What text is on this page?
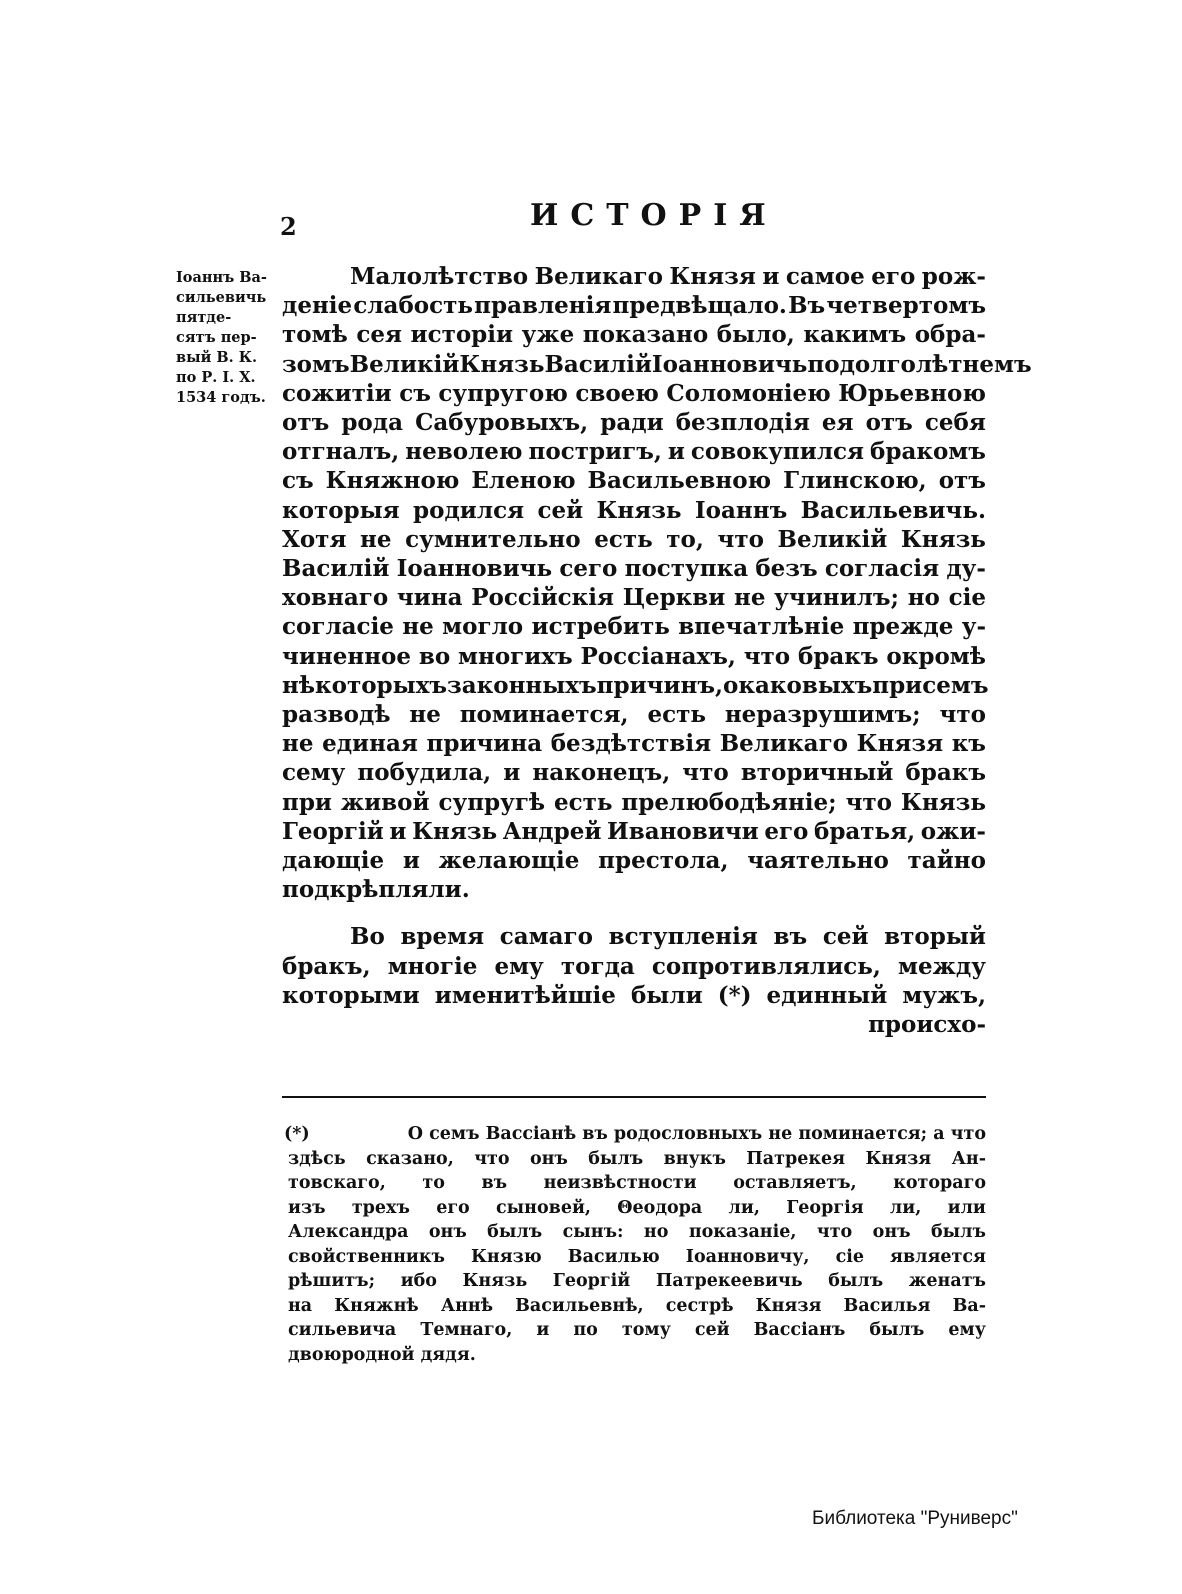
2	ИСТОРІЯ
Іоаннъ Ва-
сильевичь
пятде-
сятъ пер-
вый В. К.
по Р. І. Х.
1534 годъ.
Малолѣтство Великаго Князя и самое его рож-
деніе слабость правленія предвѣщало. Въ четвертомъ
томѣ сея исторіи уже показано было, какимъ обра-
зомъ Великій Князь Василій Іоанновичь по долголѣтнемъ
сожитіи съ супругою своею Соломоніею Юрьевною
отъ рода Сабуровыхъ, ради безплодія ея отъ себя
отгналъ, неволею постригъ, и совокупился бракомъ
съ Княжною Еленою Васильевною Глинскою, отъ
которыя родился сей Князь Іоаннъ Васильевичь.
Хотя не сумнительно есть то, что Великій Князь
Василій Іоанновичь сего поступка безъ согласія ду-
ховнаго чина Россійскія Церкви не учинилъ; но сіе
согласіе не могло истребить впечатлѣніе прежде у-
чиненное во многихъ Россіанахъ, что бракъ окромѣ
нѣкоторыхъ законныхъ причинъ, о каковыхъ при семъ
разводѣ не поминается, есть неразрушимъ; что
не единая причина бездѣтствія Великаго Князя къ
сему побудила, и наконецъ, что вторичный бракъ
при живой супругѣ есть прелюбодѣяніе; что Князь
Георгій и Князь Андрей Ивановичи его братья, ожи-
дающіе и желающіе престола, чаятельно тайно
подкрѣпляли.
Во время самаго вступленія въ сей вторый
бракъ, многіе ему тогда сопротивлялись, между
которыми именитѣйшіе были (*) единный мужъ,
происхо-
(*)	О семъ Вассіанѣ въ родословныхъ не поминается; а что
здѣсь сказано, что онъ былъ внукъ Патрекея Князя Ан-
товскаго, то въ неизвѣстности оставляетъ, котораго
изъ трехъ его сыновей, Θеодора ли, Георгія ли, или
Александра онъ былъ сынъ: но показаніе, что онъ былъ
свойственникъ Князю Василью Іоанновичу, сіе является
рѣшитъ; ибо Князь Георгій Патрекеевичь былъ женатъ
на Княжнѣ Аннѣ Васильевнѣ, сестрѣ Князя Василья Ва-
сильевича Темнаго, и по тому сей Вассіанъ былъ ему
двоюродной дядя.
Библиотека "Руниверс"
